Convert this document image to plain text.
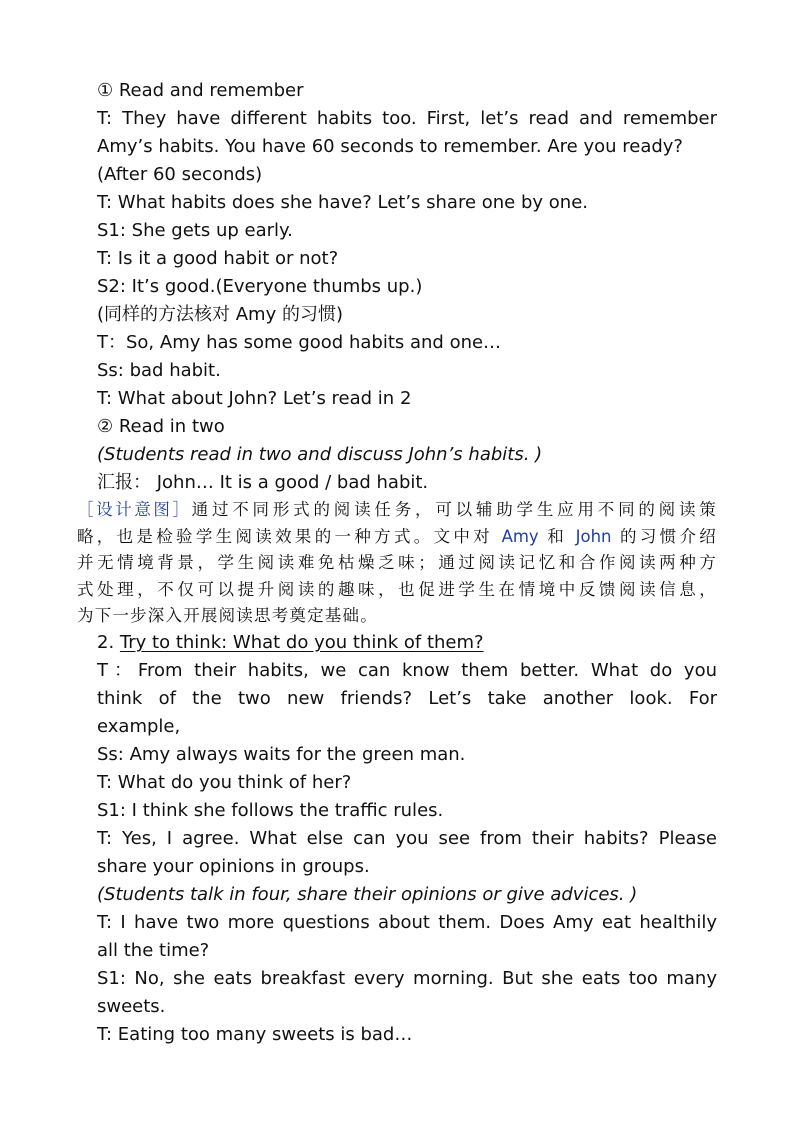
① Read and remember

T: They have different habits too. First, let’s read and remember

Amy’s habits. You have 60 seconds to remember. Are you ready?

(After 60 seconds)

T: What habits does she have? Let’s share one by one.

S1: She gets up early.

T: Is it a good habit or not?

S2: It’s good.(Everyone thumbs up.)

(同样的方法核对 Amy 的习惯)

T：So, Amy has some good habits and one…

Ss: bad habit.

T: What about John? Let’s read in 2

② Read in two

(Students read in two and discuss John’s habits. )

汇报： John… It is a good / bad habit.

［设计意图］通过不同形式的阅读任务，可以辅助学生应用不同的阅读策

略，也是检验学生阅读效果的一种方式。文中对 Amy 和 John 的习惯介绍

并无情境背景，学生阅读难免枯燥乏味；通过阅读记忆和合作阅读两种方

式处理，不仅可以提升阅读的趣味，也促进学生在情境中反馈阅读信息，

为下一步深入开展阅读思考奠定基础。

2. Try to think: What do you think of them?

T：From their habits, we can know them better. What do you

think of the two new friends? Let’s take another look. For

example,

Ss: Amy always waits for the green man.

T: What do you think of her?

S1: I think she follows the traffic rules.

T: Yes, I agree. What else can you see from their habits? Please

share your opinions in groups.

(Students talk in four, share their opinions or give advices. )

T: I have two more questions about them. Does Amy eat healthily

all the time?

S1: No, she eats breakfast every morning. But she eats too many

sweets.

T: Eating too many sweets is bad…
